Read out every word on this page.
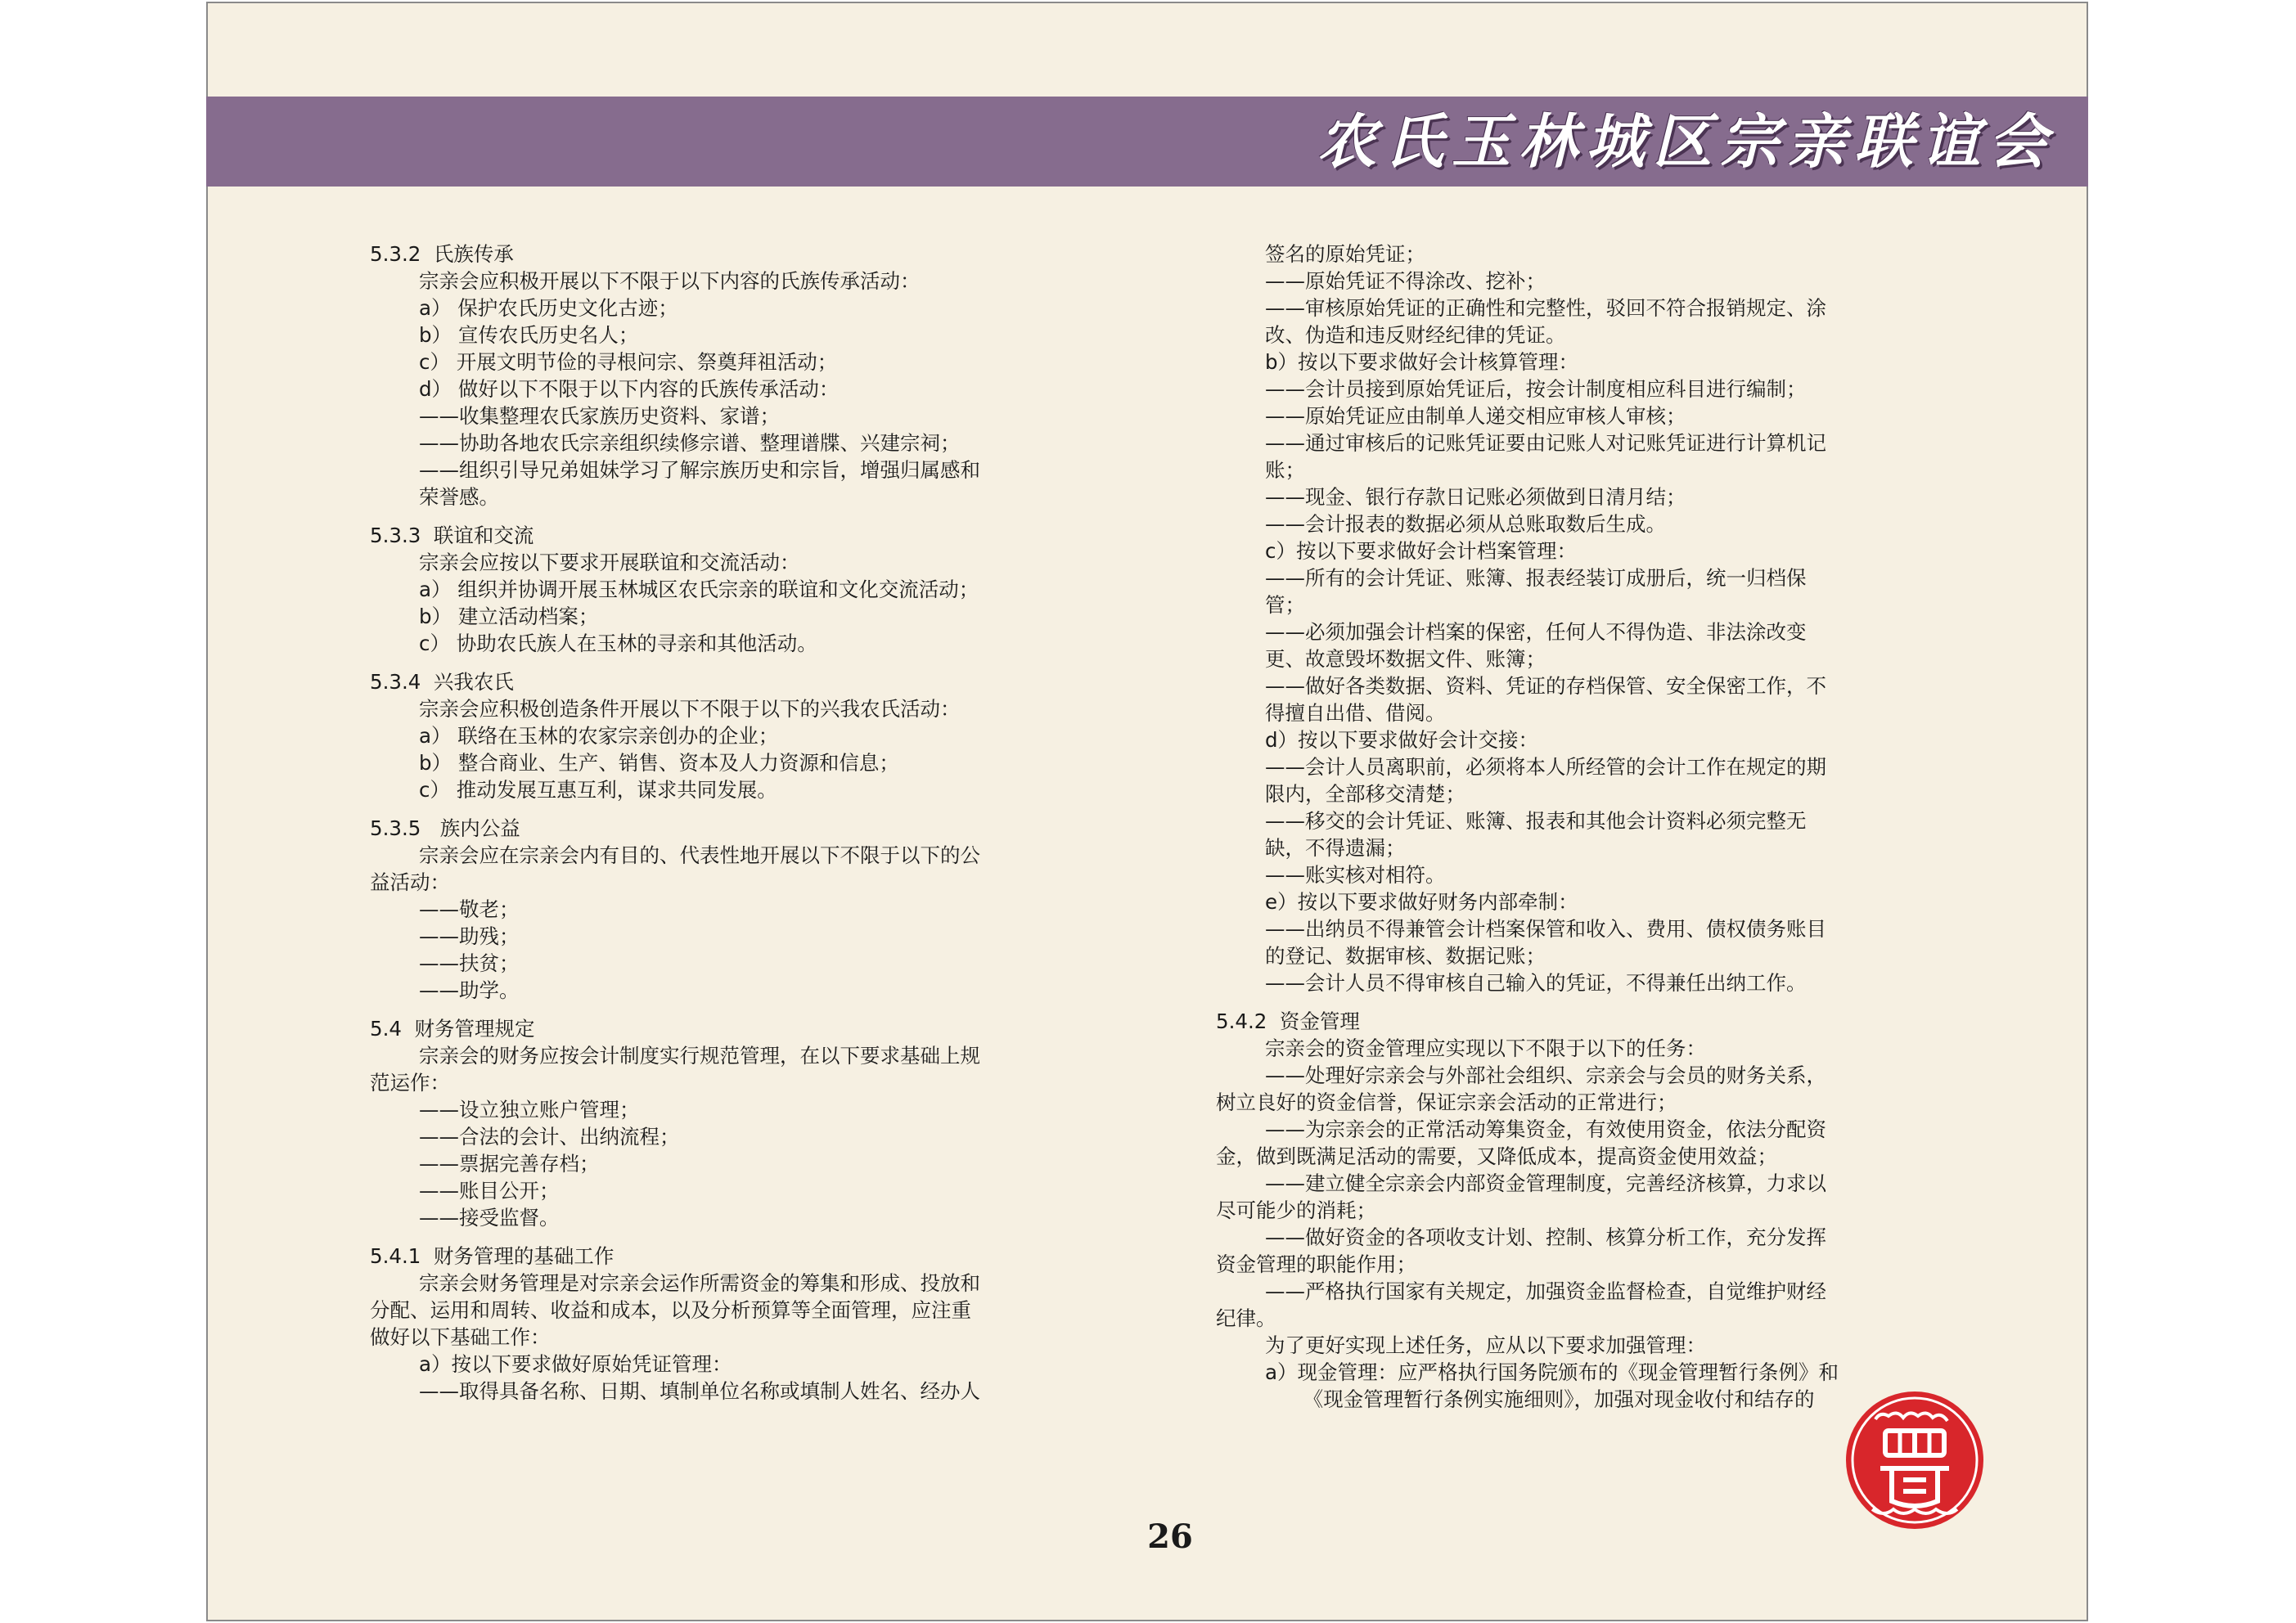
农氏玉林城区宗亲联谊会

5.3.2  氏族传承

宗亲会应积极开展以下不限于以下内容的氏族传承活动：

a） 保护农氏历史文化古迹；

b） 宣传农氏历史名人；

c） 开展文明节俭的寻根问宗、祭奠拜祖活动；

d） 做好以下不限于以下内容的氏族传承活动：

——收集整理农氏家族历史资料、家谱；

——协助各地农氏宗亲组织续修宗谱、整理谱牒、兴建宗祠；

——组织引导兄弟姐妹学习了解宗族历史和宗旨，增强归属感和

荣誉感。

5.3.3  联谊和交流

宗亲会应按以下要求开展联谊和交流活动：

a） 组织并协调开展玉林城区农氏宗亲的联谊和文化交流活动；

b） 建立活动档案；

c） 协助农氏族人在玉林的寻亲和其他活动。

5.3.4  兴我农氏

宗亲会应积极创造条件开展以下不限于以下的兴我农氏活动：

a） 联络在玉林的农家宗亲创办的企业；

b） 整合商业、生产、销售、资本及人力资源和信息；

c） 推动发展互惠互利，谋求共同发展。

5.3.5   族内公益

宗亲会应在宗亲会内有目的、代表性地开展以下不限于以下的公

益活动：

——敬老；

——助残；

——扶贫；

——助学。

5.4  财务管理规定

宗亲会的财务应按会计制度实行规范管理，在以下要求基础上规

范运作：

——设立独立账户管理；

——合法的会计、出纳流程；

——票据完善存档；

——账目公开；

——接受监督。

5.4.1  财务管理的基础工作

宗亲会财务管理是对宗亲会运作所需资金的筹集和形成、投放和

分配、运用和周转、收益和成本，以及分析预算等全面管理，应注重

做好以下基础工作：

a）按以下要求做好原始凭证管理：

——取得具备名称、日期、填制单位名称或填制人姓名、经办人

签名的原始凭证；

——原始凭证不得涂改、挖补；

——审核原始凭证的正确性和完整性，驳回不符合报销规定、涂

改、伪造和违反财经纪律的凭证。

b）按以下要求做好会计核算管理：

——会计员接到原始凭证后，按会计制度相应科目进行编制；

——原始凭证应由制单人递交相应审核人审核；

——通过审核后的记账凭证要由记账人对记账凭证进行计算机记

账；

——现金、银行存款日记账必须做到日清月结；

——会计报表的数据必须从总账取数后生成。

c）按以下要求做好会计档案管理：

——所有的会计凭证、账簿、报表经装订成册后，统一归档保

管；

——必须加强会计档案的保密，任何人不得伪造、非法涂改变

更、故意毁坏数据文件、账簿；

——做好各类数据、资料、凭证的存档保管、安全保密工作，不

得擅自出借、借阅。

d）按以下要求做好会计交接：

——会计人员离职前，必须将本人所经管的会计工作在规定的期

限内，全部移交清楚；

——移交的会计凭证、账簿、报表和其他会计资料必须完整无

缺，不得遗漏；

——账实核对相符。

e）按以下要求做好财务内部牵制：

——出纳员不得兼管会计档案保管和收入、费用、债权债务账目

的登记、数据审核、数据记账；

——会计人员不得审核自己输入的凭证，不得兼任出纳工作。

5.4.2  资金管理

宗亲会的资金管理应实现以下不限于以下的任务：

——处理好宗亲会与外部社会组织、宗亲会与会员的财务关系，

树立良好的资金信誉，保证宗亲会活动的正常进行；

——为宗亲会的正常活动筹集资金，有效使用资金，依法分配资

金，做到既满足活动的需要，又降低成本，提高资金使用效益；

——建立健全宗亲会内部资金管理制度，完善经济核算，力求以

尽可能少的消耗；

——做好资金的各项收支计划、控制、核算分析工作，充分发挥

资金管理的职能作用；

——严格执行国家有关规定，加强资金监督检查，自觉维护财经

纪律。

为了更好实现上述任务，应从以下要求加强管理：

a）现金管理：应严格执行国务院颁布的《现金管理暂行条例》和

《现金管理暂行条例实施细则》，加强对现金收付和结存的

26
